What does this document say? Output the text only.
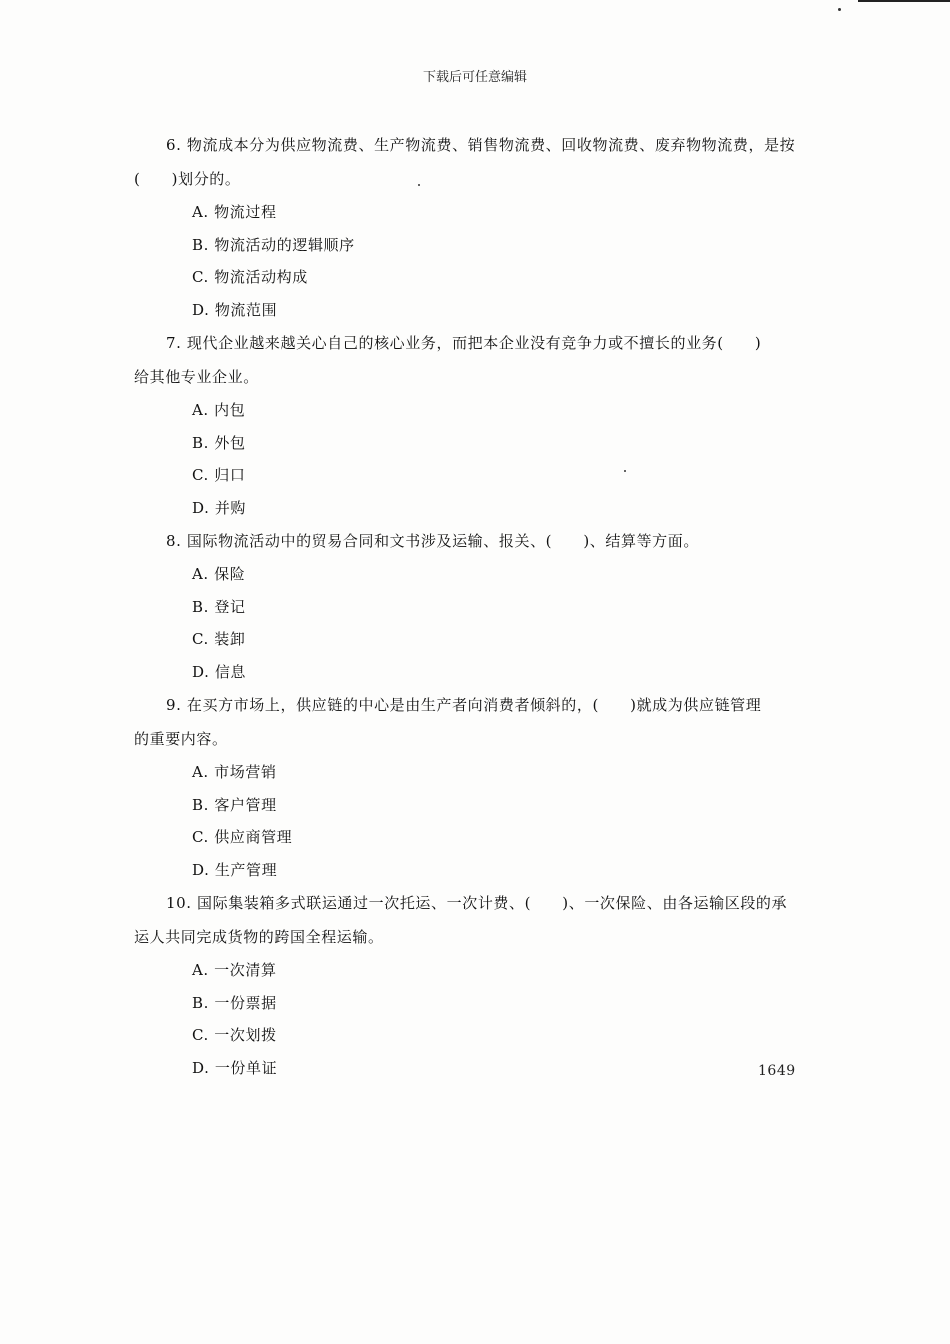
下载后可任意编辑

6. 物流成本分为供应物流费、生产物流费、销售物流费、回收物流费、废弃物物流费，是按

(　　)划分的。

A. 物流过程

B. 物流活动的逻辑顺序

C. 物流活动构成

D. 物流范围

7. 现代企业越来越关心自己的核心业务，而把本企业没有竞争力或不擅长的业务(　　)

给其他专业企业。

A. 内包

B. 外包

C. 归口

D. 并购

8. 国际物流活动中的贸易合同和文书涉及运输、报关、(　　)、结算等方面。

A. 保险

B. 登记

C. 装卸

D. 信息

9. 在买方市场上，供应链的中心是由生产者向消费者倾斜的，(　　)就成为供应链管理

的重要内容。

A. 市场营销

B. 客户管理

C. 供应商管理

D. 生产管理

10. 国际集装箱多式联运通过一次托运、一次计费、(　　)、一次保险、由各运输区段的承

运人共同完成货物的跨国全程运输。

A. 一次清算

B. 一份票据

C. 一次划拨

D. 一份单证	1649
